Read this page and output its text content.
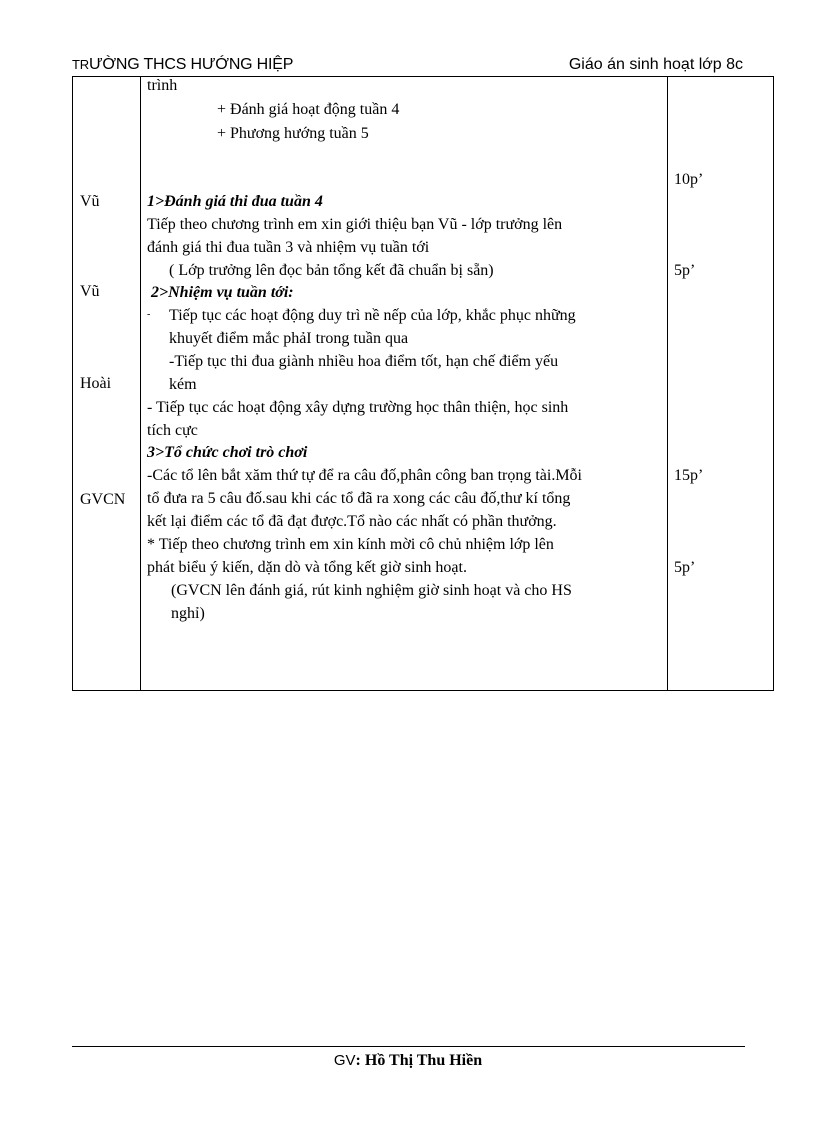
TRƯỜNG THCS HƯỚNG HIỆP	Giáo án sinh hoạt lớp 8c
Vũ
Vũ
Hoài
GVCN
trình
+ Đánh giá hoạt động tuần 4
+ Phương hướng tuần 5
1>Đánh giá thi đua tuần 4
Tiếp theo chương trình em xin giới thiệu bạn Vũ - lớp trưởng lên
đánh giá thi đua tuần 3 và nhiệm vụ tuần tới
( Lớp trưởng lên đọc bản tổng kết đã chuẩn bị sẵn)
2>Nhiệm vụ tuần tới:
- Tiếp tục các hoạt động duy trì nề nếp của lớp, khắc phục những
khuyết điểm mắc phảI trong tuần qua
-Tiếp tục thi đua giành nhiều hoa điểm tốt, hạn chế điểm yếu
kém
- Tiếp tục các hoạt động xây dựng trường học thân thiện, học sinh
tích cực
3>Tổ chức chơi trò chơi
-Các tổ lên bắt xăm thứ tự để ra câu đố,phân công ban trọng tài.Mỗi
tổ đưa ra 5 câu đố.sau khi các tổ đã ra xong các câu đố,thư kí tổng
kết lại điểm các tổ đã đạt được.Tổ nào các nhất có phần thưởng.
* Tiếp theo chương trình em xin kính mời cô chủ nhiệm lớp lên
phát biểu ý kiến, dặn dò và tổng kết giờ sinh hoạt.
(GVCN lên đánh giá, rút kinh nghiệm giờ sinh hoạt và cho HS
nghỉ)
10p’
5p’
15p’
5p’
GV: Hồ Thị Thu Hiền
